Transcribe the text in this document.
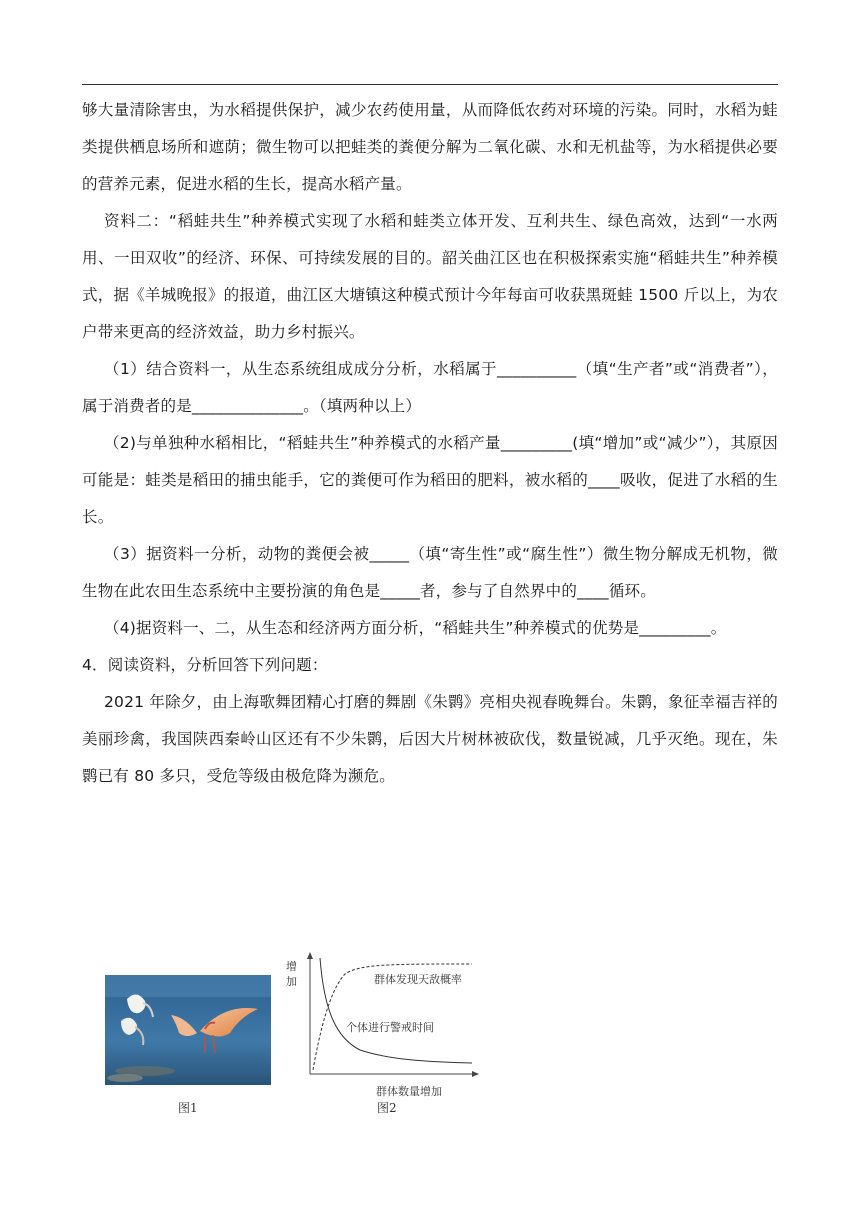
够大量清除害虫，为水稻提供保护，减少农药使用量，从而降低农药对环境的污染。同时，水稻为蛙类提供栖息场所和遮荫；微生物可以把蛙类的粪便分解为二氧化碳、水和无机盐等，为水稻提供必要的营养元素，促进水稻的生长，提高水稻产量。

资料二：“稻蛙共生”种养模式实现了水稻和蛙类立体开发、互利共生、绿色高效，达到“一水两用、一田双收”的经济、环保、可持续发展的目的。韶关曲江区也在积极探索实施“稻蛙共生”种养模式，据《羊城晚报》的报道，曲江区大塘镇这种模式预计今年每亩可收获黑斑蛙 1500 斤以上，为农户带来更高的经济效益，助力乡村振兴。

（1）结合资料一，从生态系统组成成分分析，水稻属于__________（填“生产者”或“消费者”），属于消费者的是______________。（填两种以上）

（2)与单独种水稻相比，“稻蛙共生”种养模式的水稻产量_________(填“增加”或“减少”），其原因可能是：蛙类是稻田的捕虫能手，它的粪便可作为稻田的肥料，被水稻的____吸收，促进了水稻的生长。

（3）据资料一分析，动物的粪便会被_____（填“寄生性”或“腐生性”）微生物分解成无机物，微生物在此农田生态系统中主要扮演的角色是_____者，参与了自然界中的____循环。

（4)据资料一、二，从生态和经济两方面分析，“稻蛙共生”种养模式的优势是_________。

4．阅读资料，分析回答下列问题：

2021 年除夕，由上海歌舞团精心打磨的舞剧《朱鹮》亮相央视春晚舞台。朱鹮，象征幸福吉祥的美丽珍禽，我国陕西秦岭山区还有不少朱鹮，后因大片树林被砍伐，数量锐减，几乎灭绝。现在，朱鹮已有 80 多只，受危等级由极危降为濒危。

图1
增
加
群体数量增加
群体发现天敌概率
个体进行警戒时间
图2
